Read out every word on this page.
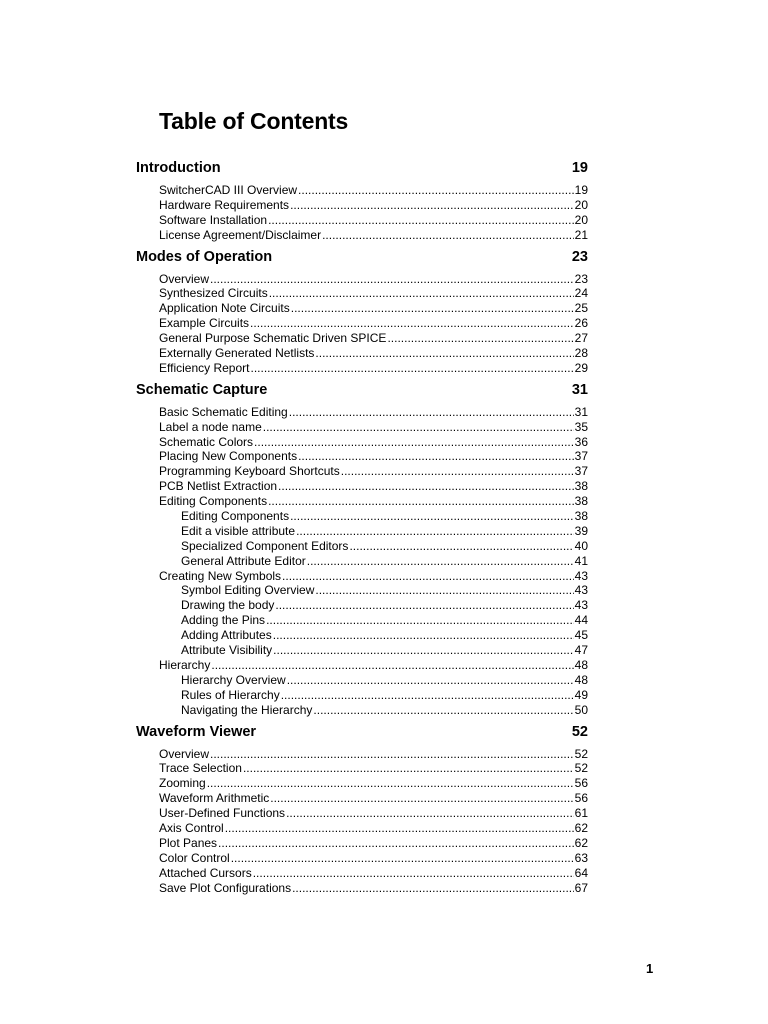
Table of Contents
Introduction	19
SwitcherCAD III Overview .....	19
Hardware Requirements .....	20
Software Installation .....	20
License Agreement/Disclaimer .....	21
Modes of Operation	23
Overview .....	23
Synthesized Circuits .....	24
Application Note Circuits .....	25
Example Circuits .....	26
General Purpose Schematic Driven SPICE .....	27
Externally Generated Netlists .....	28
Efficiency Report .....	29
Schematic Capture	31
Basic Schematic Editing .....	31
Label a node name .....	35
Schematic Colors .....	36
Placing New Components .....	37
Programming Keyboard Shortcuts .....	37
PCB Netlist Extraction .....	38
Editing Components .....	38
Editing Components .....	38
Edit a visible attribute .....	39
Specialized Component Editors .....	40
General Attribute Editor .....	41
Creating New Symbols .....	43
Symbol Editing Overview .....	43
Drawing the body .....	43
Adding the Pins .....	44
Adding Attributes .....	45
Attribute Visibility .....	47
Hierarchy .....	48
Hierarchy Overview .....	48
Rules of Hierarchy .....	49
Navigating the Hierarchy .....	50
Waveform Viewer	52
Overview .....	52
Trace Selection .....	52
Zooming .....	56
Waveform Arithmetic .....	56
User-Defined Functions .....	61
Axis Control .....	62
Plot Panes .....	62
Color Control .....	63
Attached Cursors .....	64
Save Plot Configurations .....	67
1
